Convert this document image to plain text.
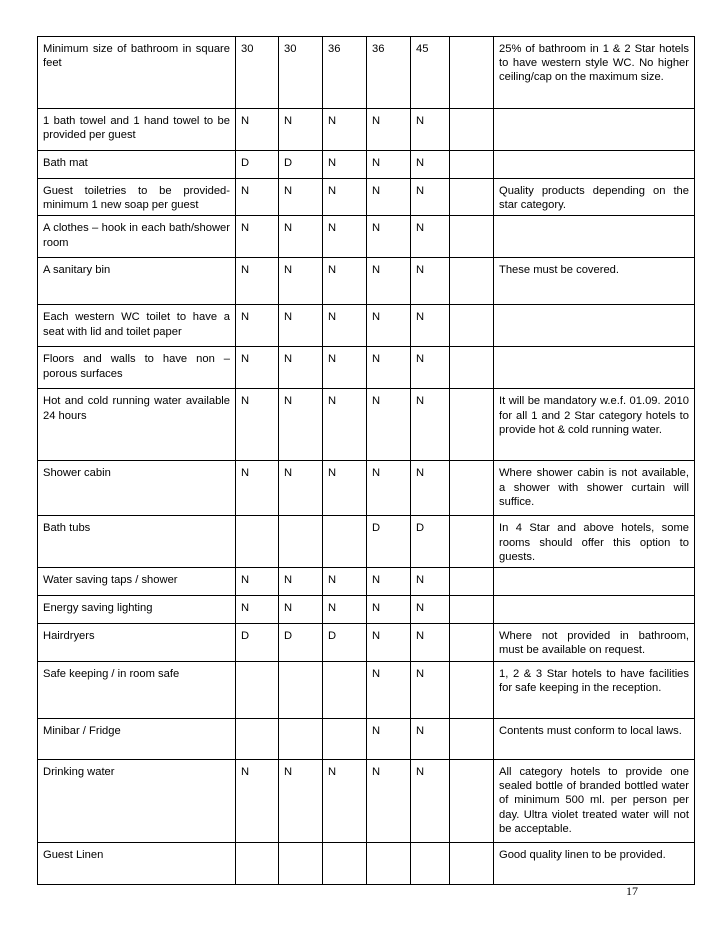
Minimum size of bathroom in square feet	30	30	36	36	45		25% of bathroom in 1 & 2 Star hotels to have western style WC. No higher ceiling/cap on the maximum size.
1 bath towel and 1 hand towel to be provided per guest	N	N	N	N	N		
Bath mat	D	D	N	N	N		
Guest toiletries to be provided- minimum 1 new soap per guest	N	N	N	N	N		Quality products depending on the star category.
A clothes – hook in each bath/shower room	N	N	N	N	N		
A sanitary bin	N	N	N	N	N		These must be covered.
Each western WC toilet to have a seat with lid and toilet paper	N	N	N	N	N		
Floors and walls to have non – porous surfaces	N	N	N	N	N		
Hot and cold running water available 24 hours	N	N	N	N	N		It will be mandatory w.e.f. 01.09. 2010 for all 1 and 2 Star category hotels to provide hot & cold running water.
Shower cabin	N	N	N	N	N		Where shower cabin is not available, a shower with shower curtain will suffice.
Bath tubs				D	D		In 4 Star and above hotels, some rooms should offer this option to guests.
Water saving taps / shower	N	N	N	N	N		
Energy saving lighting	N	N	N	N	N		
Hairdryers	D	D	D	N	N		Where not provided in bathroom, must be available on request.
Safe keeping / in room safe				N	N		1, 2 & 3 Star hotels to have facilities for safe keeping in the reception.
Minibar / Fridge				N	N		Contents must conform to local laws.
Drinking water	N	N	N	N	N		All category hotels to provide one sealed bottle of branded bottled water of minimum 500 ml. per person per day. Ultra violet treated water will not be acceptable.
Guest Linen							Good quality linen to be provided.
17
